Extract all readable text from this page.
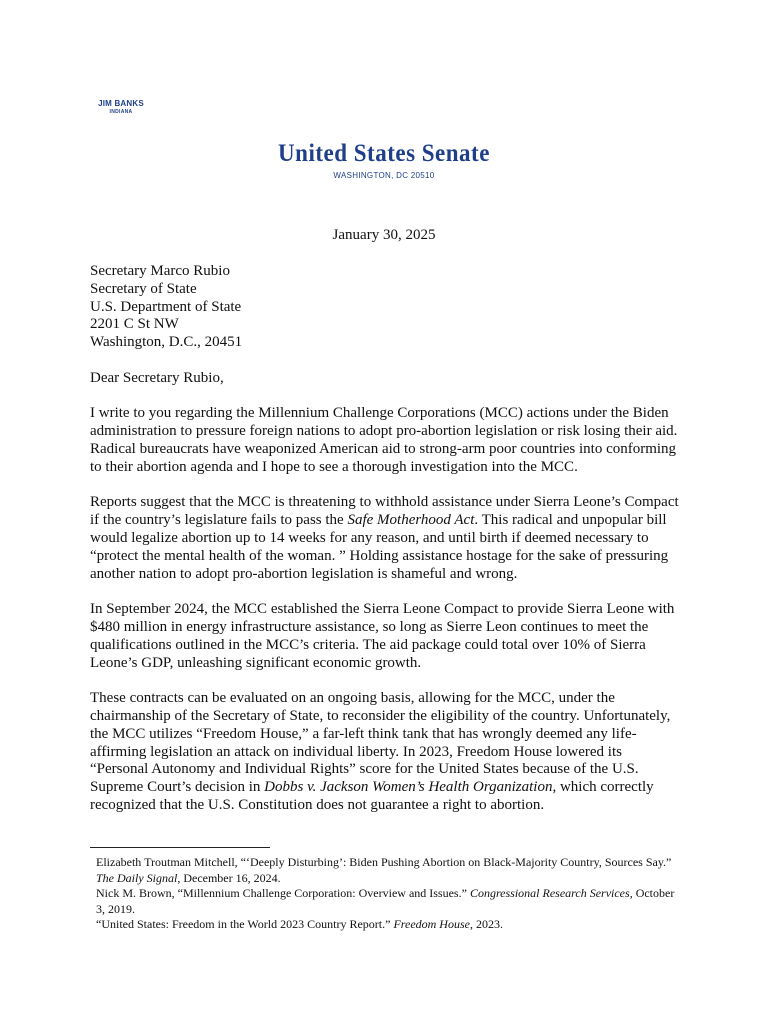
JIM BANKS
INDIANA
United States Senate
WASHINGTON, DC 20510
January 30, 2025
Secretary Marco Rubio
Secretary of State
U.S. Department of State
2201 C St NW
Washington, D.C., 20451

Dear Secretary Rubio,

I write to you regarding the Millennium Challenge Corporations (MCC) actions under the Biden administration to pressure foreign nations to adopt pro-abortion legislation or risk losing their aid. Radical bureaucrats have weaponized American aid to strong-arm poor countries into conforming to their abortion agenda and I hope to see a thorough investigation into the MCC.

Reports suggest that the MCC is threatening to withhold assistance under Sierra Leone’s Compact if the country’s legislature fails to pass the Safe Motherhood Act. This radical and unpopular bill would legalize abortion up to 14 weeks for any reason, and until birth if deemed necessary to “protect the mental health of the woman. ” Holding assistance hostage for the sake of pressuring another nation to adopt pro-abortion legislation is shameful and wrong.

In September 2024, the MCC established the Sierra Leone Compact to provide Sierra Leone with $480 million in energy infrastructure assistance, so long as Sierre Leon continues to meet the qualifications outlined in the MCC’s criteria. The aid package could total over 10% of Sierra Leone’s GDP, unleashing significant economic growth.

These contracts can be evaluated on an ongoing basis, allowing for the MCC, under the chairmanship of the Secretary of State, to reconsider the eligibility of the country. Unfortunately, the MCC utilizes “Freedom House,” a far-left think tank that has wrongly deemed any life-affirming legislation an attack on individual liberty. In 2023, Freedom House lowered its “Personal Autonomy and Individual Rights” score for the United States because of the U.S. Supreme Court’s decision in Dobbs v. Jackson Women’s Health Organization, which correctly recognized that the U.S. Constitution does not guarantee a right to abortion.

Elizabeth Troutman Mitchell, “‘Deeply Disturbing’: Biden Pushing Abortion on Black-Majority Country, Sources Say.” The Daily Signal, December 16, 2024.

Nick M. Brown, “Millennium Challenge Corporation: Overview and Issues.” Congressional Research Services, October 3, 2019.

“United States: Freedom in the World 2023 Country Report.” Freedom House, 2023.
